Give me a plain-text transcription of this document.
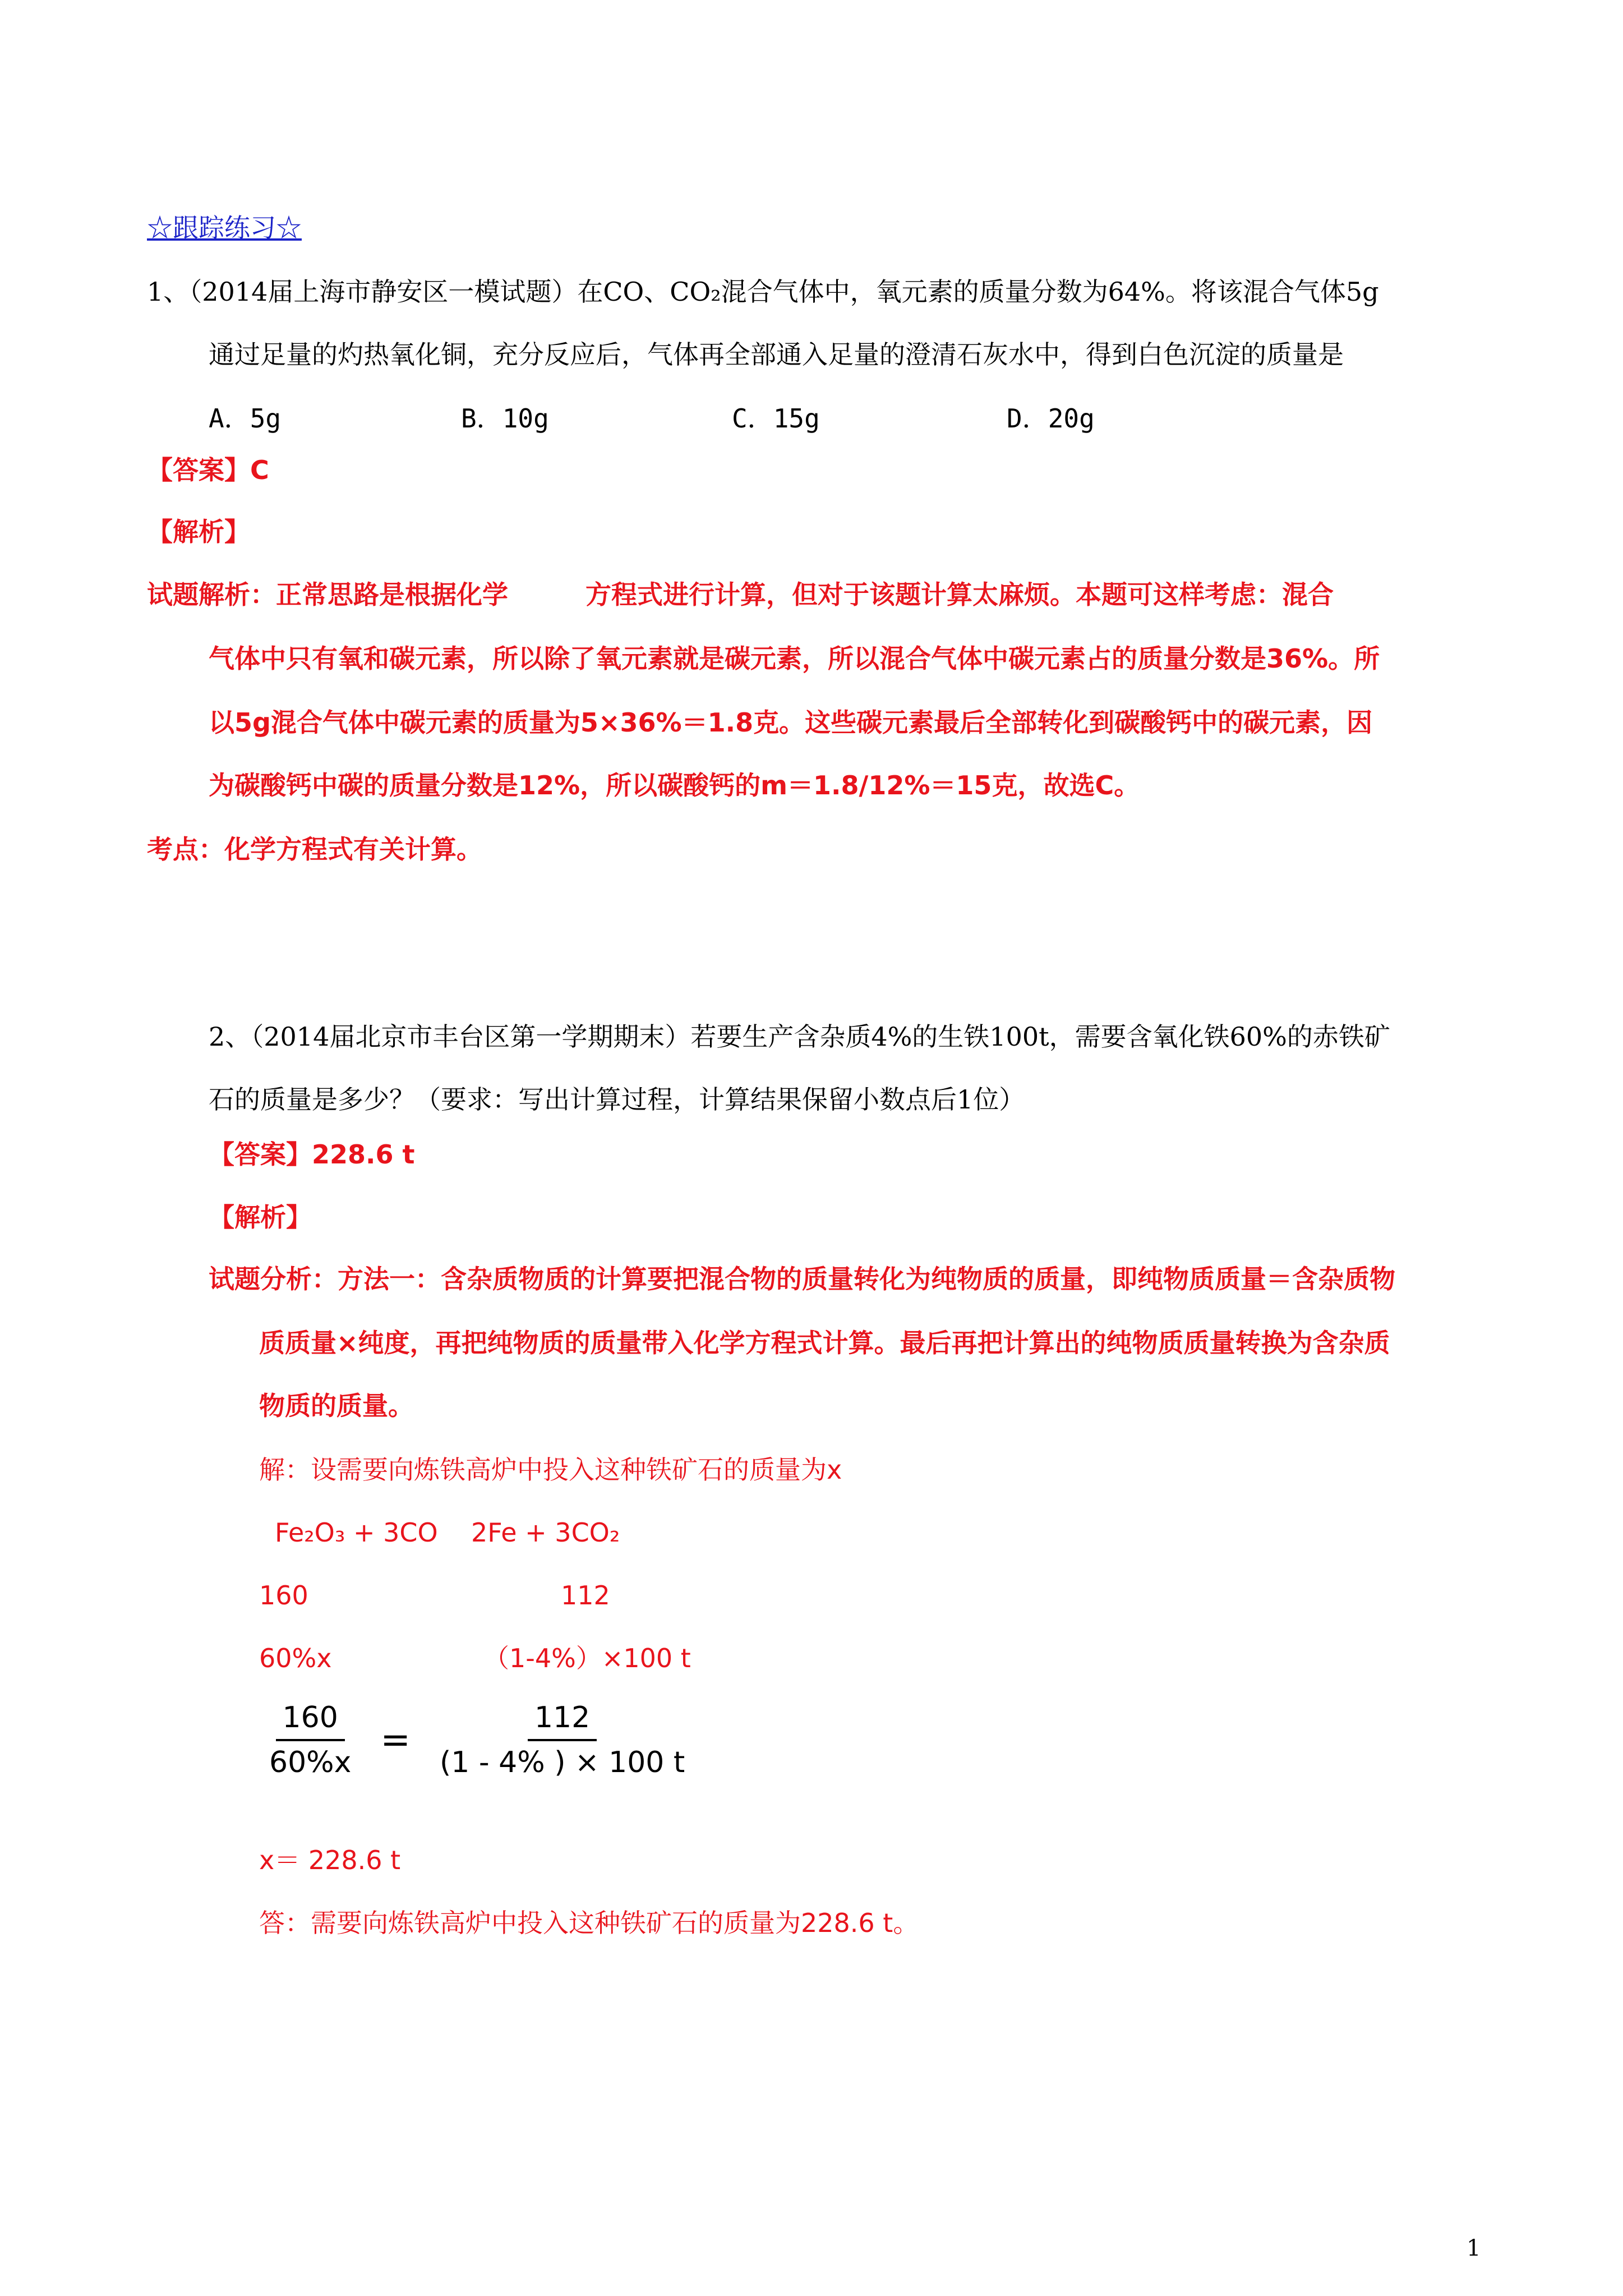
☆跟踪练习☆
1、（2014届上海市静安区一模试题）在CO、CO₂混合气体中，氧元素的质量分数为64%。将该混合气体5g
通过足量的灼热氧化铜，充分反应后，气体再全部通入足量的澄清石灰水中，得到白色沉淀的质量是
A．5g	B．10g	C．15g	D．20g
【答案】C
【解析】
试题解析：正常思路是根据化学　　　方程式进行计算，但对于该题计算太麻烦。本题可这样考虑：混合
气体中只有氧和碳元素，所以除了氧元素就是碳元素，所以混合气体中碳元素占的质量分数是36%。所
以5g混合气体中碳元素的质量为5×36%＝1.8克。这些碳元素最后全部转化到碳酸钙中的碳元素，因
为碳酸钙中碳的质量分数是12%，所以碳酸钙的m＝1.8/12%＝15克，故选C。
考点：化学方程式有关计算。
2、（2014届北京市丰台区第一学期期末）若要生产含杂质4%的生铁100t，需要含氧化铁60%的赤铁矿
石的质量是多少？（要求：写出计算过程，计算结果保留小数点后1位）
【答案】228.6 t
【解析】
试题分析：方法一：含杂质物质的计算要把混合物的质量转化为纯物质的质量，即纯物质质量＝含杂质物
质质量×纯度，再把纯物质的质量带入化学方程式计算。最后再把计算出的纯物质质量转换为含杂质
物质的质量。
解：设需要向炼铁高炉中投入这种铁矿石的质量为x
Fe₂O₃ + 3CO 2Fe + 3CO₂
160	112
60%x	（1-4%）×100 t
$\frac{160}{60\%x} = \frac{112}{(1 - 4\% ) \times 100 t}$
x＝ 228.6 t
答：需要向炼铁高炉中投入这种铁矿石的质量为228.6 t。
1
